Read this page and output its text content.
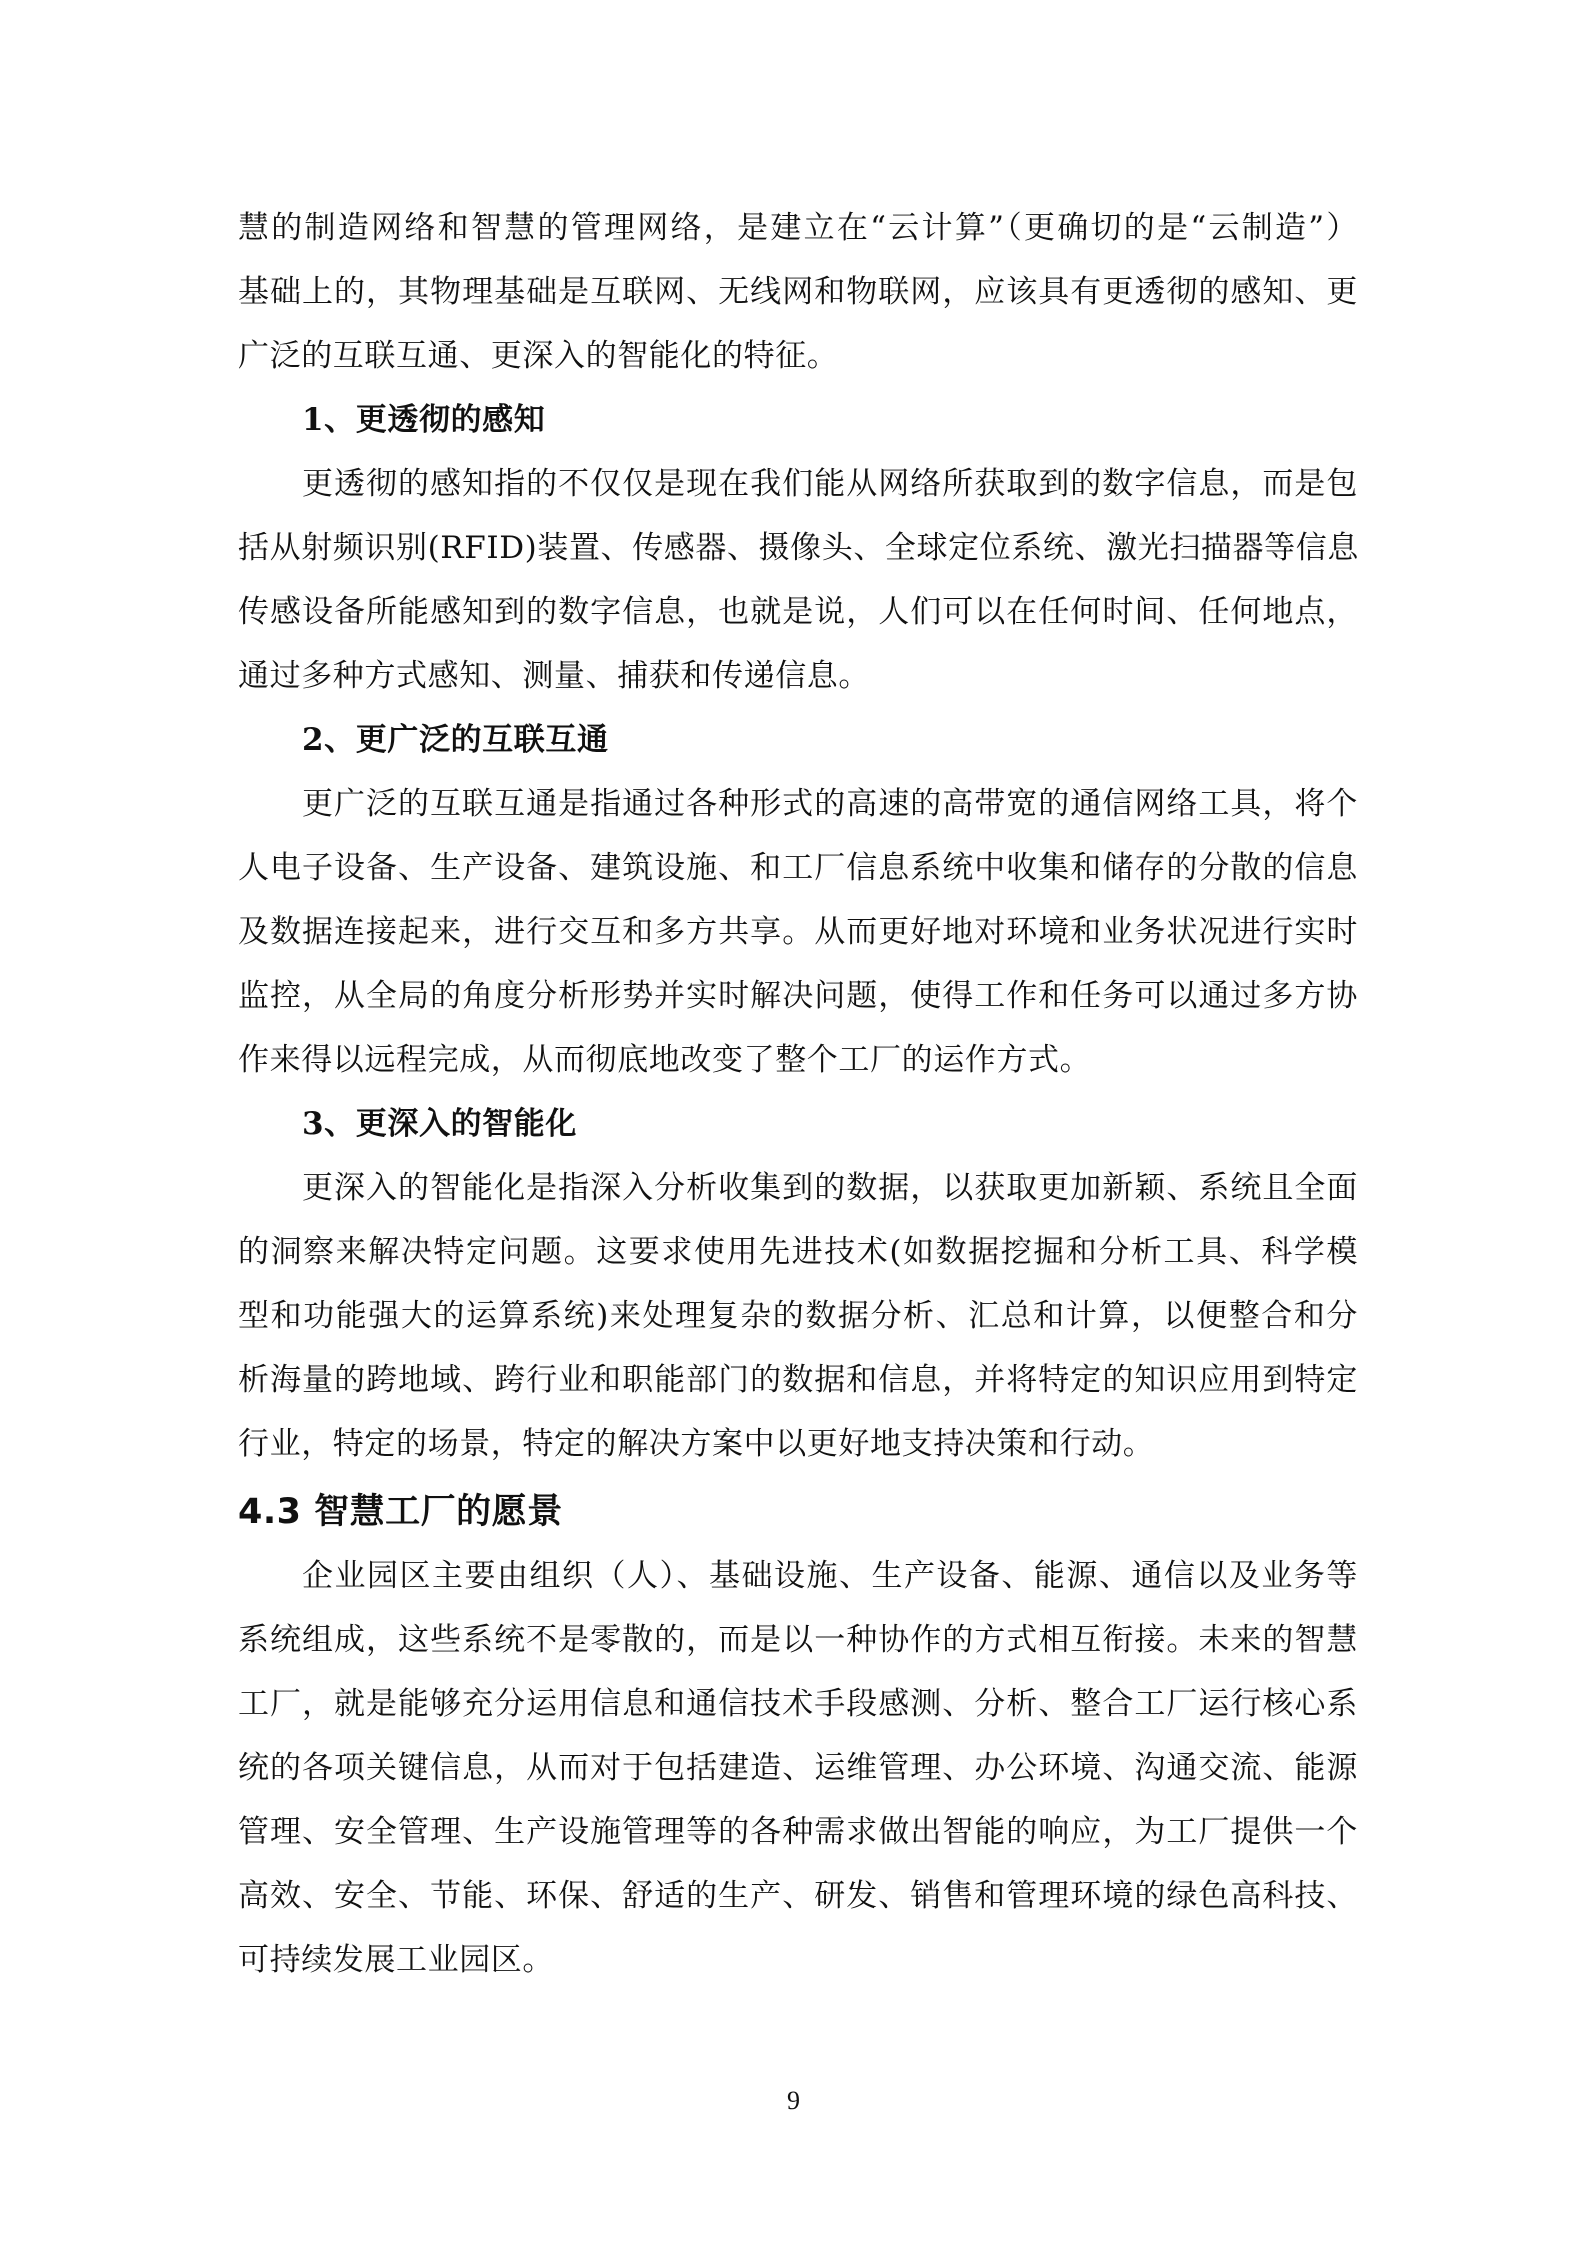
慧的制造网络和智慧的管理网络，是建立在“云计算”（更确切的是“云制造”）
基础上的，其物理基础是互联网、无线网和物联网，应该具有更透彻的感知、更
广泛的互联互通、更深入的智能化的特征。
1、更透彻的感知
更透彻的感知指的不仅仅是现在我们能从网络所获取到的数字信息，而是包
括从射频识别(RFID)装置、传感器、摄像头、全球定位系统、激光扫描器等信息
传感设备所能感知到的数字信息，也就是说，人们可以在任何时间、任何地点，
通过多种方式感知、测量、捕获和传递信息。
2、更广泛的互联互通
更广泛的互联互通是指通过各种形式的高速的高带宽的通信网络工具，将个
人电子设备、生产设备、建筑设施、和工厂信息系统中收集和储存的分散的信息
及数据连接起来，进行交互和多方共享。从而更好地对环境和业务状况进行实时
监控，从全局的角度分析形势并实时解决问题，使得工作和任务可以通过多方协
作来得以远程完成，从而彻底地改变了整个工厂的运作方式。
3、更深入的智能化
更深入的智能化是指深入分析收集到的数据，以获取更加新颖、系统且全面
的洞察来解决特定问题。这要求使用先进技术(如数据挖掘和分析工具、科学模
型和功能强大的运算系统)来处理复杂的数据分析、汇总和计算，以便整合和分
析海量的跨地域、跨行业和职能部门的数据和信息，并将特定的知识应用到特定
行业，特定的场景，特定的解决方案中以更好地支持决策和行动。
4.3 智慧工厂的愿景
企业园区主要由组织（人）、基础设施、生产设备、能源、通信以及业务等
系统组成，这些系统不是零散的，而是以一种协作的方式相互衔接。未来的智慧
工厂，就是能够充分运用信息和通信技术手段感测、分析、整合工厂运行核心系
统的各项关键信息，从而对于包括建造、运维管理、办公环境、沟通交流、能源
管理、安全管理、生产设施管理等的各种需求做出智能的响应，为工厂提供一个
高效、安全、节能、环保、舒适的生产、研发、销售和管理环境的绿色高科技、
可持续发展工业园区。
9
